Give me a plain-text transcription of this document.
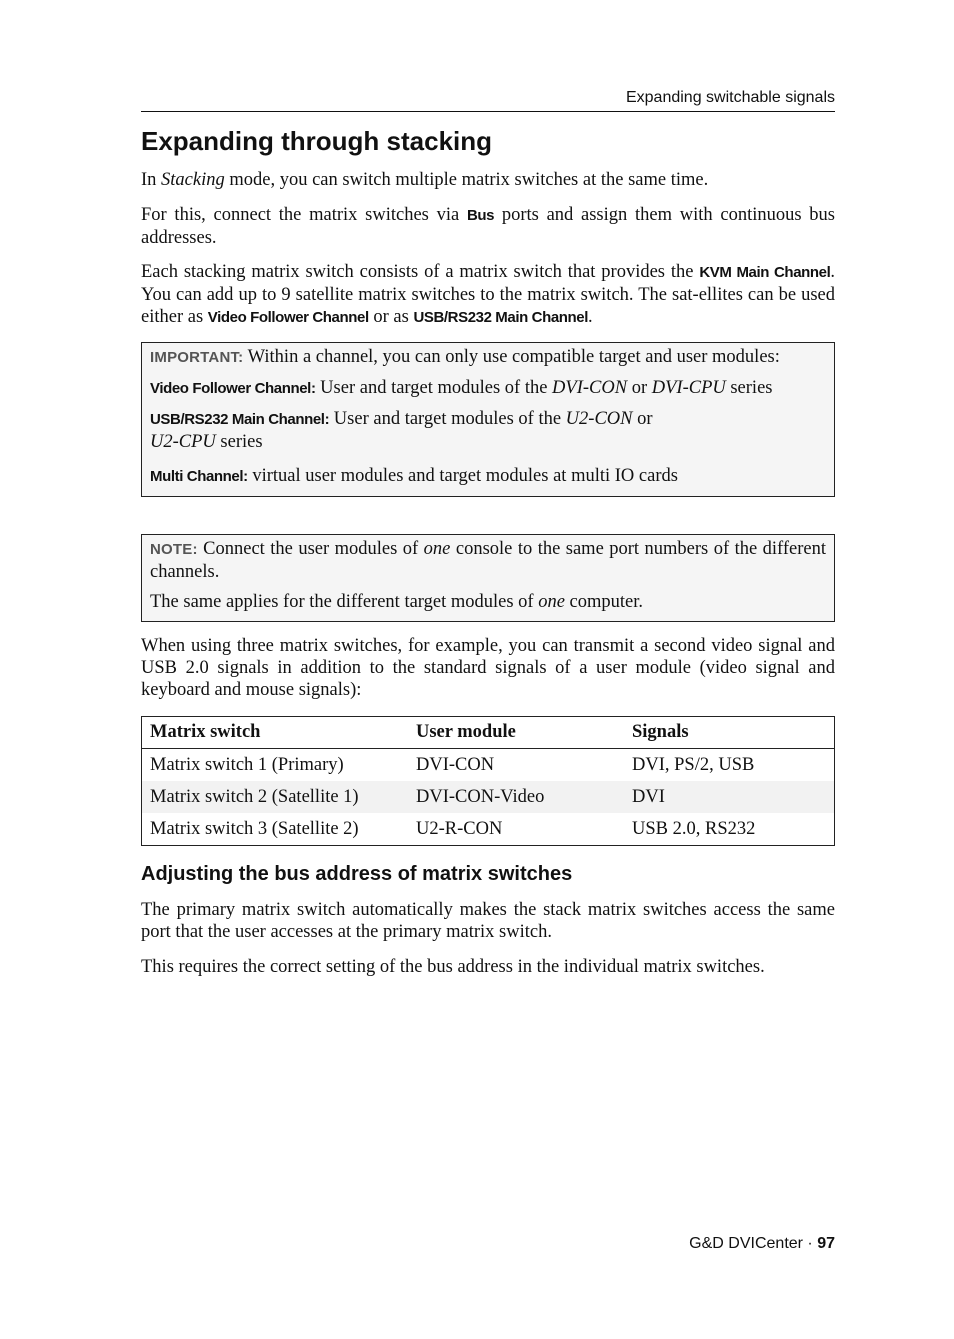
Expanding switchable signals
Expanding through stacking

In Stacking mode, you can switch multiple matrix switches at the same time.

For this, connect the matrix switches via Bus ports and assign them with continuous bus addresses.

Each stacking matrix switch consists of a matrix switch that provides the KVM Main Channel. You can add up to 9 satellite matrix switches to the matrix switch. The sat-ellites can be used either as Video Follower Channel or as USB/RS232 Main Channel.

IMPORTANT: Within a channel, you can only use compatible target and user modules:

Video Follower Channel: User and target modules of the DVI-CON or DVI-CPU series

USB/RS232 Main Channel: User and target modules of the U2-CON or
U2-CPU series

Multi Channel: virtual user modules and target modules at multi IO cards

NOTE: Connect the user modules of one console to the same port numbers of the different channels.

The same applies for the different target modules of one computer.

When using three matrix switches, for example, you can transmit a second video signal and USB 2.0 signals in addition to the standard signals of a user module (video signal and keyboard and mouse signals):

Matrix switch	User module	Signals
Matrix switch 1 (Primary)	DVI-CON	DVI, PS/2, USB
Matrix switch 2 (Satellite 1)	DVI-CON-Video	DVI
Matrix switch 3 (Satellite 2)	U2-R-CON	USB 2.0, RS232
Adjusting the bus address of matrix switches

The primary matrix switch automatically makes the stack matrix switches access the same port that the user accesses at the primary matrix switch.

This requires the correct setting of the bus address in the individual matrix switches.

G&D DVICenter · 97
